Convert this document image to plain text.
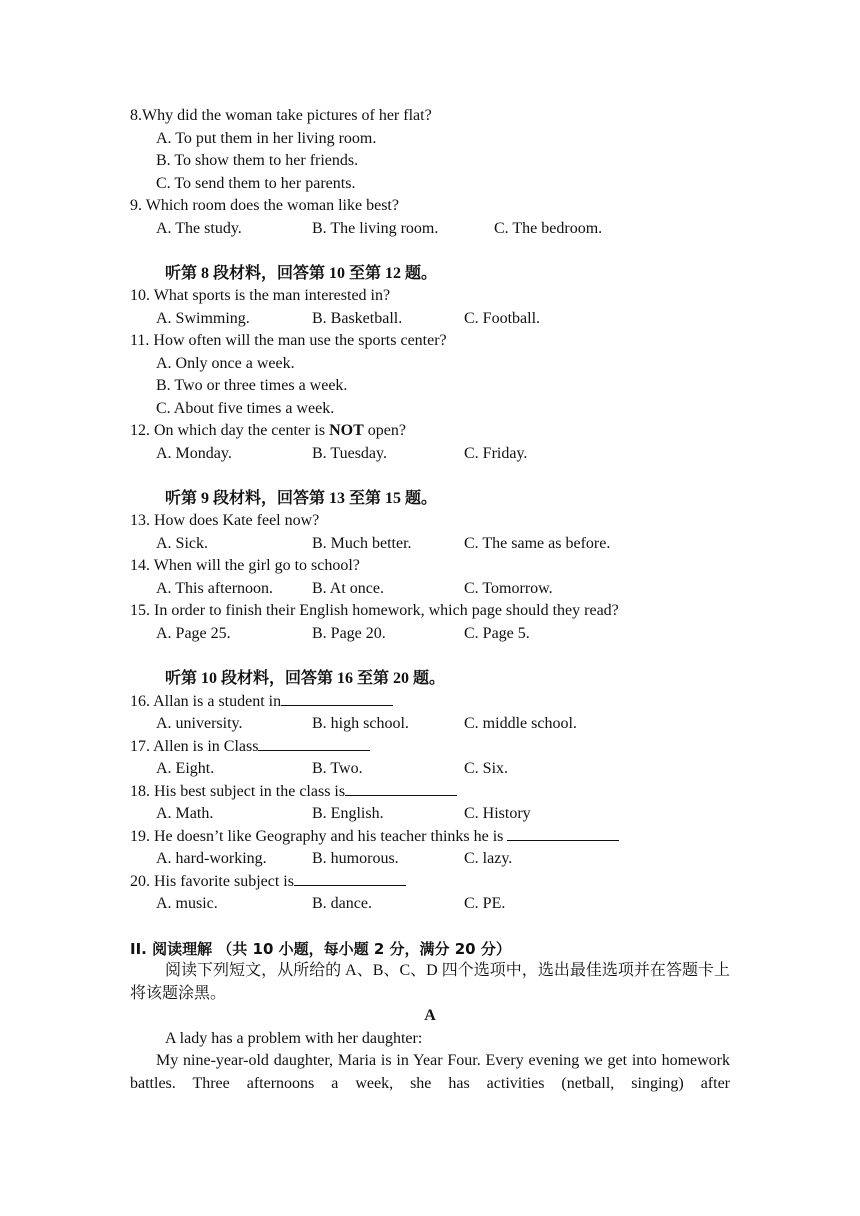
8.Why did the woman take pictures of her flat?
A. To put them in her living room.
B. To show them to her friends.
C. To send them to her parents.
9. Which room does the woman like best?
A. The study.	B. The living room.	C. The bedroom.
听第 8 段材料，回答第 10 至第 12 题。
10. What sports is the man interested in?
A. Swimming.	B. Basketball.	C. Football.
11. How often will the man use the sports center?
A. Only once a week.
B. Two or three times a week.
C. About five times a week.
12. On which day the center is NOT open?
A. Monday.	B. Tuesday.	C. Friday.
听第 9 段材料，回答第 13 至第 15 题。
13. How does Kate feel now?
A. Sick.	B. Much better.	C. The same as before.
14. When will the girl go to school?
A. This afternoon.	B. At once.	C. Tomorrow.
15. In order to finish their English homework, which page should they read?
A. Page 25.	B. Page 20.	C. Page 5.
听第 10 段材料，回答第 16 至第 20 题。
16. Allan is a student in
A. university.	B. high school.	C. middle school.
17. Allen is in Class
A. Eight.	B. Two.	C. Six.
18. His best subject in the class is
A. Math.	B. English.	C. History
19. He doesn’t like Geography and his teacher thinks he is
A. hard-working.	B. humorous.	C. lazy.
20. His favorite subject is
A. music.	B. dance.	C. PE.
II. 阅读理解 （共 10 小题，每小题 2 分，满分 20 分）
阅读下列短文，从所给的 A、B、C、D 四个选项中，选出最佳选项并在答题卡上将该题涂黑。
A
A lady has a problem with her daughter:
My nine-year-old daughter, Maria is in Year Four. Every evening we get into homework battles. Three afternoons a week, she has activities (netball, singing) after
